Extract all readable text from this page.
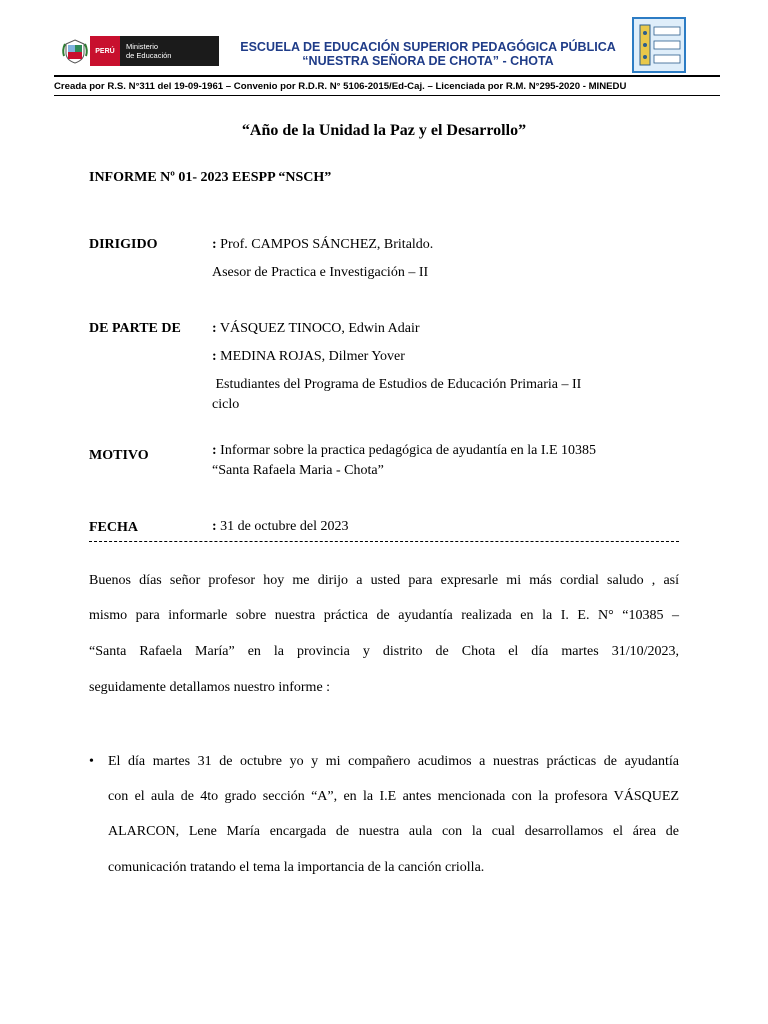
PERÚ	Ministerio
de Educación
ESCUELA DE EDUCACIÓN SUPERIOR PEDAGÓGICA PÚBLICA
“NUESTRA SEÑORA DE CHOTA” - CHOTA
Creada por R.S. N°311 del 19-09-1961 – Convenio por R.D.R. N° 5106-2015/Ed-Caj. – Licenciada por R.M. N°295-2020 - MINEDU
“Año de la Unidad la Paz y el Desarrollo”
INFORME Nº 01- 2023 EESPP “NSCH”
DIRIGIDO	: Prof. CAMPOS SÁNCHEZ, Britaldo.
Asesor de Practica e Investigación – II
DE PARTE DE : VÁSQUEZ TINOCO, Edwin Adair
: MEDINA ROJAS, Dilmer Yover
Estudiantes del Programa de Estudios de Educación Primaria – II
ciclo
MOTIVO	: Informar sobre la practica pedagógica de ayudantía en la I.E 10385
“Santa Rafaela Maria - Chota”
FECHA	: 31 de octubre del 2023
Buenos días señor profesor hoy me dirijo a usted para expresarle mi más cordial saludo , así
mismo para informarle sobre nuestra práctica de ayudantía realizada en la I. E. N° “10385 –
“Santa Rafaela María” en la provincia y distrito de Chota el día martes 31/10/2023,
seguidamente detallamos nuestro informe :
• El día martes 31 de octubre yo y mi compañero acudimos a nuestras prácticas de ayudantía
con el aula de 4to grado sección “A”, en la I.E antes mencionada con la profesora VÁSQUEZ
ALARCON, Lene María encargada de nuestra aula con la cual desarrollamos el área de
comunicación tratando el tema la importancia de la canción criolla.
